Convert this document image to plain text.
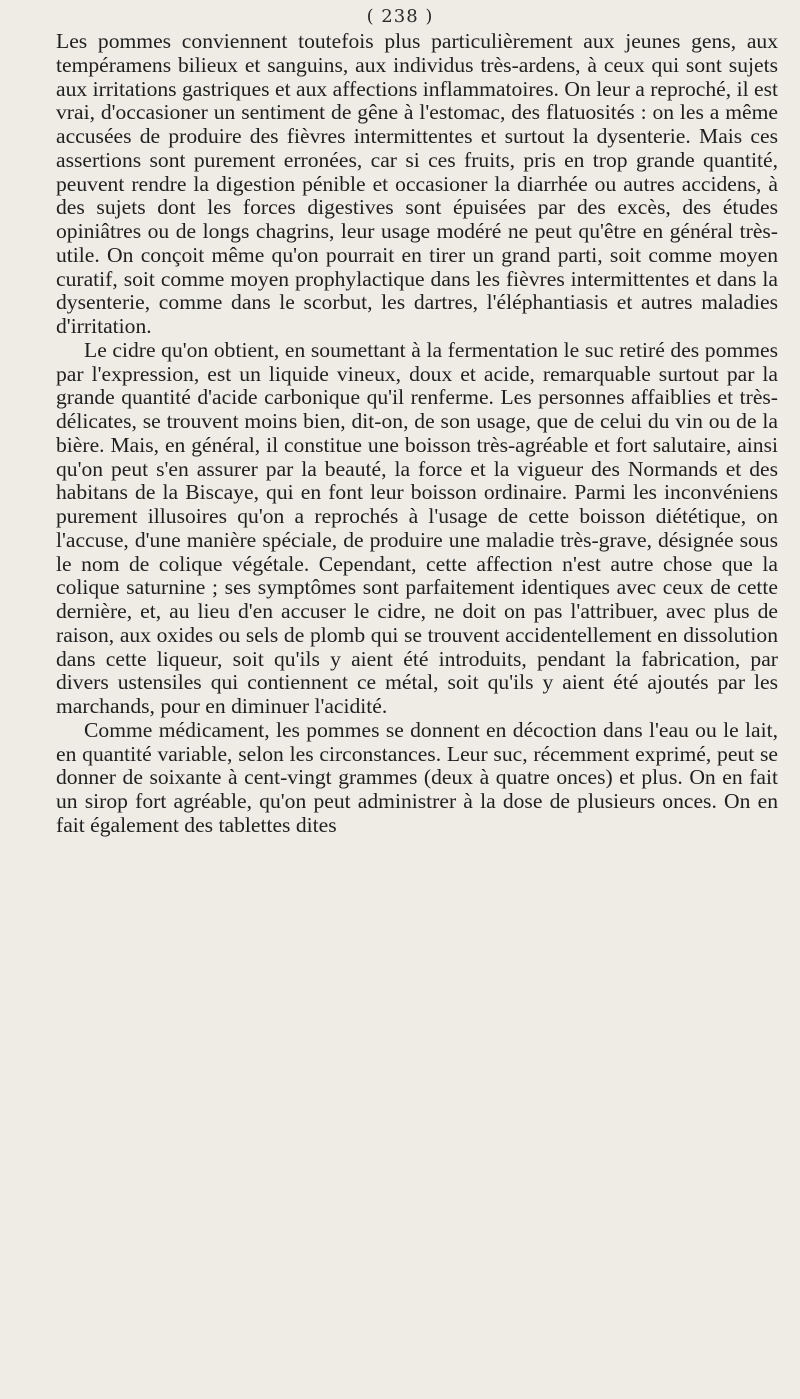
( 238 )

Les pommes conviennent toutefois plus particulièrement aux jeunes gens, aux tempéramens bilieux et sanguins, aux individus très-ardens, à ceux qui sont sujets aux irritations gastriques et aux affections inflammatoires. On leur a reproché, il est vrai, d'occasioner un sentiment de gêne à l'estomac, des flatuosités : on les a même accusées de produire des fièvres intermittentes et surtout la dysenterie. Mais ces assertions sont purement erronées, car si ces fruits, pris en trop grande quantité, peuvent rendre la digestion pénible et occasioner la diarrhée ou autres accidens, à des sujets dont les forces digestives sont épuisées par des excès, des études opiniâtres ou de longs chagrins, leur usage modéré ne peut qu'être en général très-utile. On conçoit même qu'on pourrait en tirer un grand parti, soit comme moyen curatif, soit comme moyen prophylactique dans les fièvres intermittentes et dans la dysenterie, comme dans le scorbut, les dartres, l'éléphantiasis et autres maladies d'irritation.

Le cidre qu'on obtient, en soumettant à la fermentation le suc retiré des pommes par l'expression, est un liquide vineux, doux et acide, remarquable surtout par la grande quantité d'acide carbonique qu'il renferme. Les personnes affaiblies et très-délicates, se trouvent moins bien, dit-on, de son usage, que de celui du vin ou de la bière. Mais, en général, il constitue une boisson très-agréable et fort salutaire, ainsi qu'on peut s'en assurer par la beauté, la force et la vigueur des Normands et des habitans de la Biscaye, qui en font leur boisson ordinaire. Parmi les inconvéniens purement illusoires qu'on a reprochés à l'usage de cette boisson diététique, on l'accuse, d'une manière spéciale, de produire une maladie très-grave, désignée sous le nom de colique végétale. Cependant, cette affection n'est autre chose que la colique saturnine ; ses symptômes sont parfaitement identiques avec ceux de cette dernière, et, au lieu d'en accuser le cidre, ne doit on pas l'attribuer, avec plus de raison, aux oxides ou sels de plomb qui se trouvent accidentellement en dissolution dans cette liqueur, soit qu'ils y aient été introduits, pendant la fabrication, par divers ustensiles qui contiennent ce métal, soit qu'ils y aient été ajoutés par les marchands, pour en diminuer l'acidité.

Comme médicament, les pommes se donnent en décoction dans l'eau ou le lait, en quantité variable, selon les circonstances. Leur suc, récemment exprimé, peut se donner de soixante à cent-vingt grammes (deux à quatre onces) et plus. On en fait un sirop fort agréable, qu'on peut administrer à la dose de plusieurs onces. On en fait également des tablettes dites
